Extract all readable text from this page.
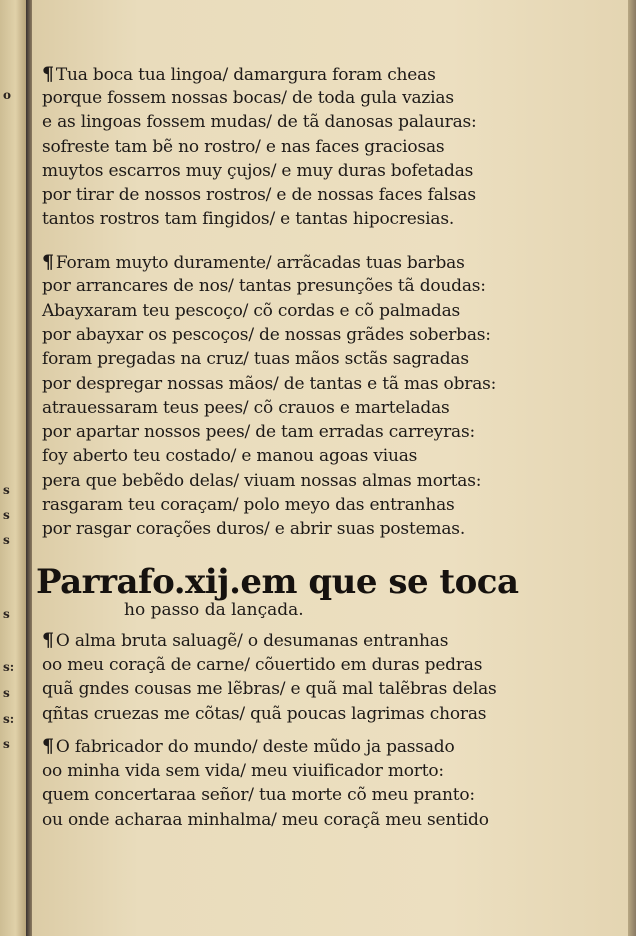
o
s
s
s
s
s:
s
s:
s
¶ Tua boca tua lingoa/ damargura foram cheas
porque fossem nossas bocas/ de toda gula vazias
e as lingoas fossem mudas/ de tã danosas palauras:
sofreste tam bẽ no rostro/ e nas faces graciosas
muytos escarros muy çujos/ e muy duras bofetadas
por tirar de nossos rostros/ e de nossas faces falsas
tantos rostros tam fingidos/ e tantas hipocresias.
¶ Foram muyto duramente/ arrãcadas tuas barbas
por arrancares de nos/ tantas presunções tã doudas:
Abayxaram teu pescoço/ cõ cordas e cõ palmadas
por abayxar os pescoços/ de nossas grãdes soberbas:
foram pregadas na cruz/ tuas mãos sctãs sagradas
por despregar nossas mãos/ de tantas e tã mas obras:
atrauessaram teus pees/ cõ crauos e marteladas
por apartar nossos pees/ de tam erradas carreyras:
foy aberto teu costado/ e manou agoas viuas
pera que bebẽdo delas/ viuam nossas almas mortas:
rasgaram teu coraçam/ polo meyo das entranhas
por rasgar corações duros/ e abrir suas postemas.
Parrafo.xij.em que se toca
ho passo da lançada.
¶ O alma bruta saluagẽ/ o desumanas entranhas
oo meu coraçã de carne/ cõuertido em duras pedras
quã gndes cousas me lẽbras/ e quã mal talẽbras delas
qñtas cruezas me cõtas/ quã poucas lagrimas choras
¶ O fabricador do mundo/ deste mũdo ja passado
oo minha vida sem vida/ meu viuificador morto:
quem concertaraa señor/ tua morte cõ meu pranto:
ou onde acharaa minhalma/ meu coraçã meu sentido
